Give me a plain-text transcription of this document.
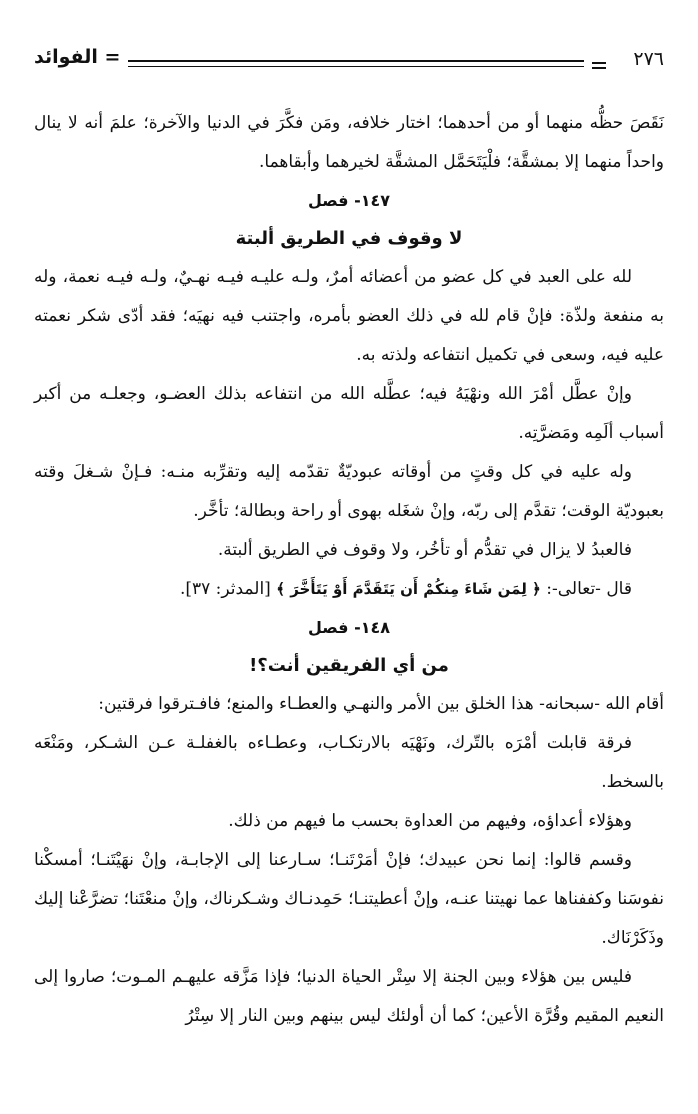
= الفوائد	٢٧٦

نَقَصَ حظُّه منهما أو من أحدهما؛ اختار خلافه، ومَن فكَّرَ في الدنيا والآخرة؛ علمَ أنه لا ينال واحداً منهما إلا بمشقَّة؛ فلْيَتَحَمَّل المشقَّة لخيرهما وأبقاهما.

١٤٧- فصل
لا وقوف في الطريق ألبتة

لله على العبد في كل عضو من أعضائه أمرٌ، ولـه عليـه فيـه نهـيٌ، ولـه فيـه نعمة، وله به منفعة ولذّة: فإنْ قام لله في ذلك العضو بأمره، واجتنب فيه نهيَه؛ فقد أدّى شكر نعمته عليه فيه، وسعى في تكميل انتفاعه ولذته به.

وإنْ عطَّل أمْرَ الله ونهْيَهُ فيه؛ عطَّله الله من انتفاعه بذلك العضـو، وجعلـه من أكبر أسباب ألَمِه ومَضرَّتِه.

وله عليه في كل وقتٍ من أوقاته عبوديّةٌ تقدّمه إليه وتقرِّبه منـه: فـإنْ شـغلَ وقته بعبوديّة الوقت؛ تقدَّم إلى ربّه، وإنْ شغَله بهوى أو راحة وبطالة؛ تأخَّر.

فالعبدُ لا يزال في تقدُّم أو تأخُر، ولا وقوف في الطريق ألبتة.

قال -تعالى-: ﴿ لِمَن شَاءَ مِنكُمْ أَن يَتَقَدَّمَ أَوْ يَتَأَخَّرَ ﴾ [المدثر: ٣٧].

١٤٨- فصل
من أي الفريقين أنت؟!

أقام الله -سبحانه- هذا الخلق بين الأمر والنهـي والعطـاء والمنع؛ فافـترقوا فرقتين:

فرقة قابلت أمْرَه بالتّرك، ونَهْيَه بالارتكـاب، وعطـاءه بالغفلـة عـن الشـكر، ومَنْعَه بالسخط.

وهؤلاء أعداؤه، وفيهم من العداوة بحسب ما فيهم من ذلك.

وقسم قالوا: إنما نحن عبيدك؛ فإنْ أمَرْتَنـا؛ سـارعنا إلى الإجابـة، وإنْ نهَيْتَنـا؛ أمسكْنا نفوسَنا وكففناها عما نهيتنا عنـه، وإنْ أعطيتنـا؛ حَمِدنـاك وشـكرناك، وإنْ منعْتَنا؛ تضرَّعْنا إليك وذَكَرْنَاك.

فليس بين هؤلاء وبين الجنة إلا سِتْر الحياة الدنيا؛ فإذا مَزَّقه عليهـم المـوت؛ صاروا إلى النعيم المقيم وقُرَّة الأعين؛ كما أن أولئك ليس بينهم وبين النار إلا سِتْرُ
